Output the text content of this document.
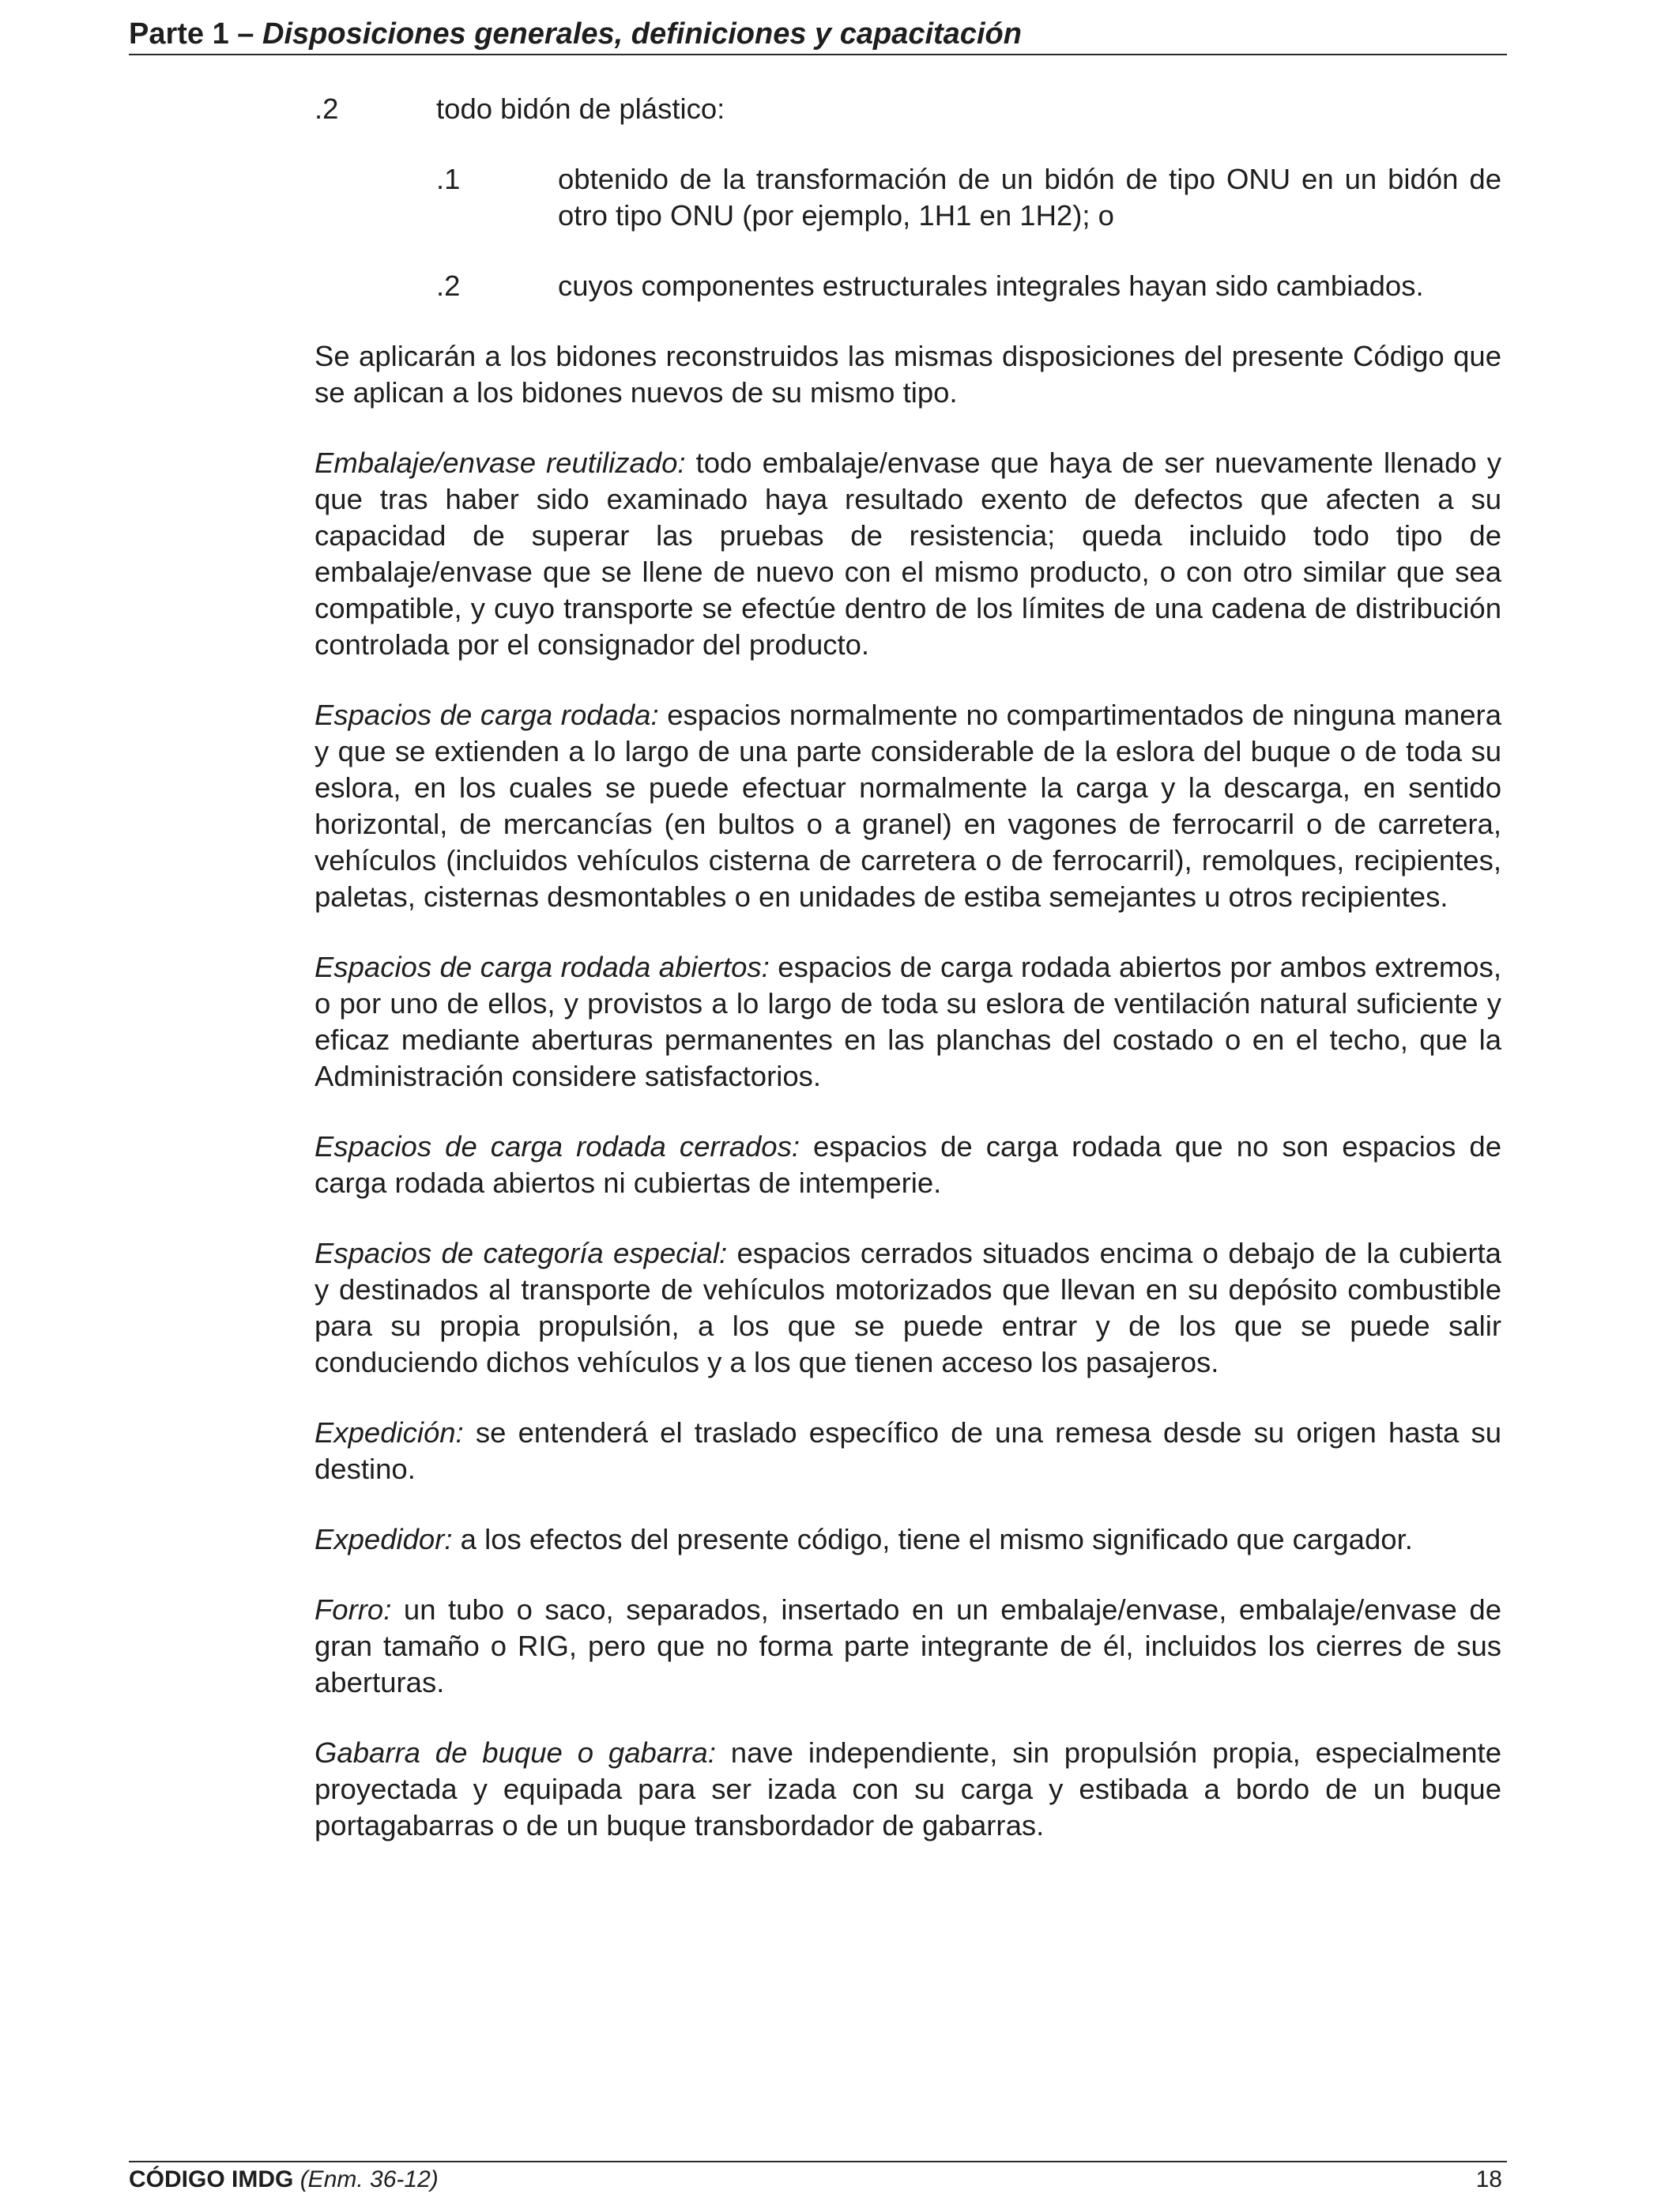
Parte 1 – Disposiciones generales, definiciones y capacitación
.2	todo bidón de plástico:
.1	obtenido de la transformación de un bidón de tipo ONU en un bidón de otro tipo ONU (por ejemplo, 1H1 en 1H2); o
.2	cuyos componentes estructurales integrales hayan sido cambiados.

Se aplicarán a los bidones reconstruidos las mismas disposiciones del presente Código que se aplican a los bidones nuevos de su mismo tipo.

Embalaje/envase reutilizado: todo embalaje/envase que haya de ser nuevamente llenado y que tras haber sido examinado haya resultado exento de defectos que afecten a su capacidad de superar las pruebas de resistencia; queda incluido todo tipo de embalaje/envase que se llene de nuevo con el mismo producto, o con otro similar que sea compatible, y cuyo transporte se efectúe dentro de los límites de una cadena de distribución controlada por el consignador del producto.

Espacios de carga rodada: espacios normalmente no compartimentados de ninguna manera y que se extienden a lo largo de una parte considerable de la eslora del buque o de toda su eslora, en los cuales se puede efectuar normalmente la carga y la descarga, en sentido horizontal, de mercancías (en bultos o a granel) en vagones de ferrocarril o de carretera, vehículos (incluidos vehículos cisterna de carretera o de ferrocarril), remolques, recipientes, paletas, cisternas desmontables o en unidades de estiba semejantes u otros recipientes.

Espacios de carga rodada abiertos: espacios de carga rodada abiertos por ambos extremos, o por uno de ellos, y provistos a lo largo de toda su eslora de ventilación natural suficiente y eficaz mediante aberturas permanentes en las planchas del costado o en el techo, que la Administración considere satisfactorios.

Espacios de carga rodada cerrados: espacios de carga rodada que no son espacios de carga rodada abiertos ni cubiertas de intemperie.

Espacios de categoría especial: espacios cerrados situados encima o debajo de la cubierta y destinados al transporte de vehículos motorizados que llevan en su depósito combustible para su propia propulsión, a los que se puede entrar y de los que se puede salir conduciendo dichos vehículos y a los que tienen acceso los pasajeros.

Expedición: se entenderá el traslado específico de una remesa desde su origen hasta su destino.

Expedidor: a los efectos del presente código, tiene el mismo significado que cargador.

Forro: un tubo o saco, separados, insertado en un embalaje/envase, embalaje/envase de gran tamaño o RIG, pero que no forma parte integrante de él, incluidos los cierres de sus aberturas.

Gabarra de buque o gabarra: nave independiente, sin propulsión propia, especialmente proyectada y equipada para ser izada con su carga y estibada a bordo de un buque portagabarras o de un buque transbordador de gabarras.

CÓDIGO IMDG (Enm. 36-12)	18
